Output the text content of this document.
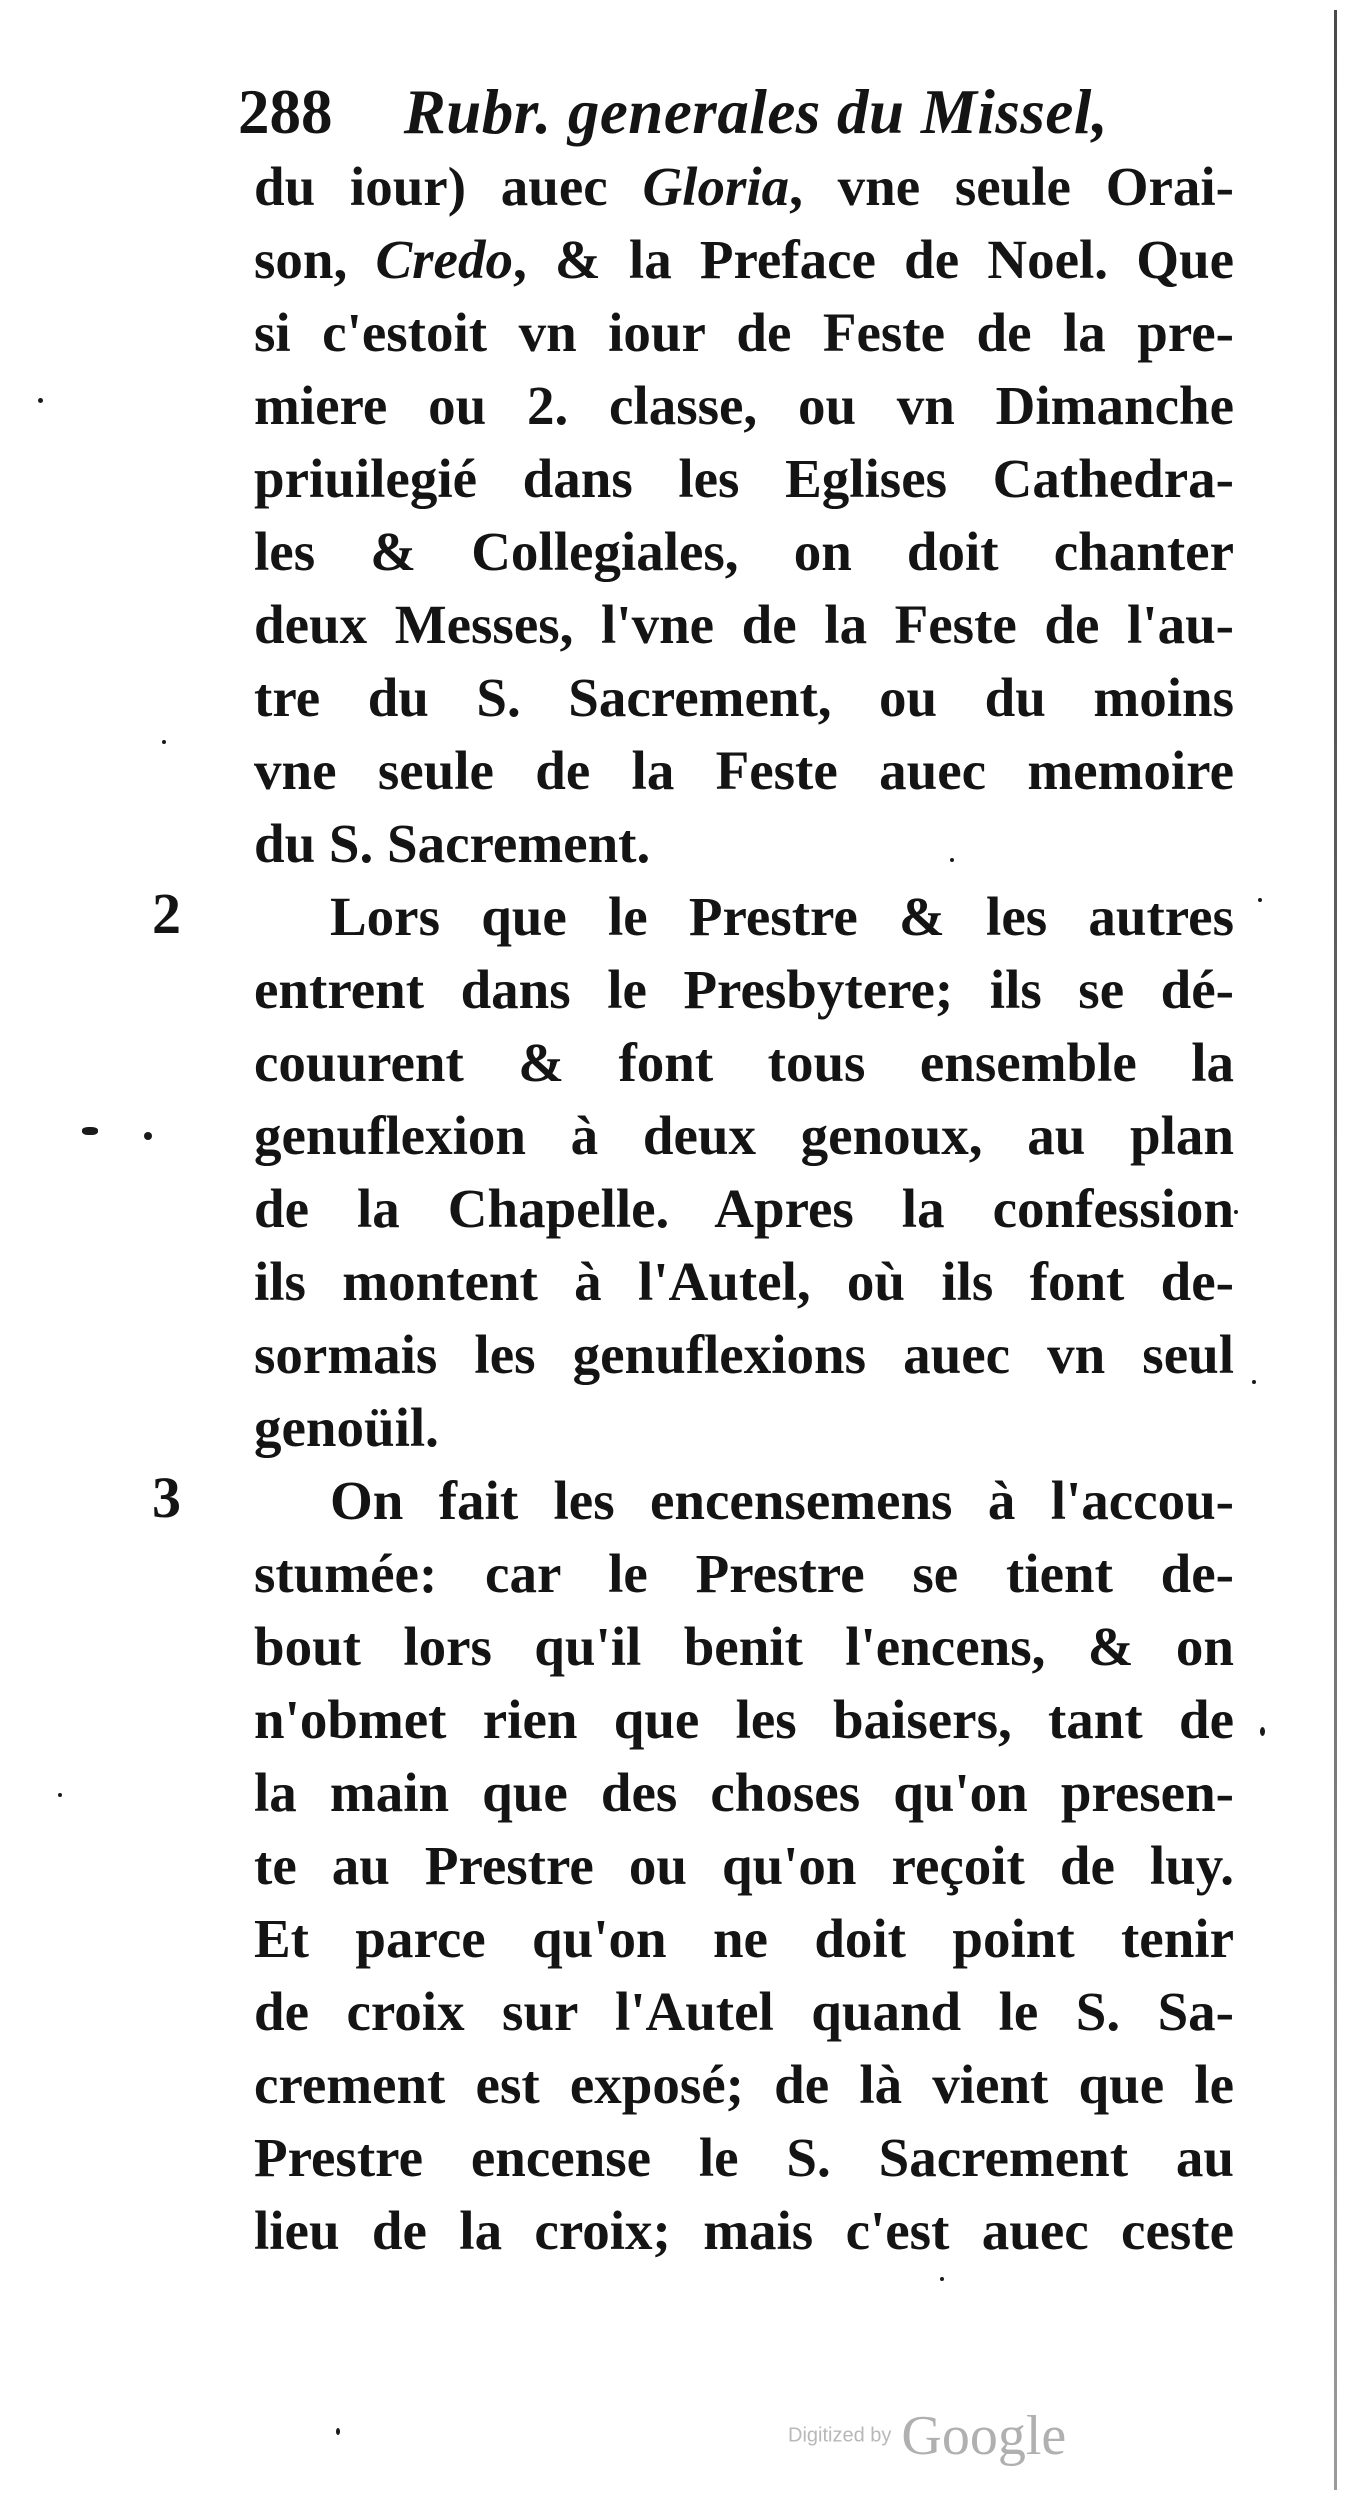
288 Rubr. generales du Missel,
2
3
du iour) auec Gloria, vne seule Orai-
son, Credo, & la Preface de Noel. Que
si c'estoit vn iour de Feste de la pre-
miere ou 2. classe, ou vn Dimanche
priuilegié dans les Eglises Cathedra-
les & Collegiales, on doit chanter
deux Messes, l'vne de la Feste de l'au-
tre du S. Sacrement, ou du moins
vne seule de la Feste auec memoire
du S. Sacrement.
Lors que le Prestre & les autres
entrent dans le Presbytere; ils se dé-
couurent & font tous ensemble la
genuflexion à deux genoux, au plan
de la Chapelle. Apres la confession
ils montent à l'Autel, où ils font de-
sormais les genuflexions auec vn seul
genoüil.
On fait les encensemens à l'accou-
stumée: car le Prestre se tient de-
bout lors qu'il benit l'encens, & on
n'obmet rien que les baisers, tant de
la main que des choses qu'on presen-
te au Prestre ou qu'on reçoit de luy.
Et parce qu'on ne doit point tenir
de croix sur l'Autel quand le S. Sa-
crement est exposé; de là vient que le
Prestre encense le S. Sacrement au
lieu de la croix; mais c'est auec ceste
Digitized by Google
